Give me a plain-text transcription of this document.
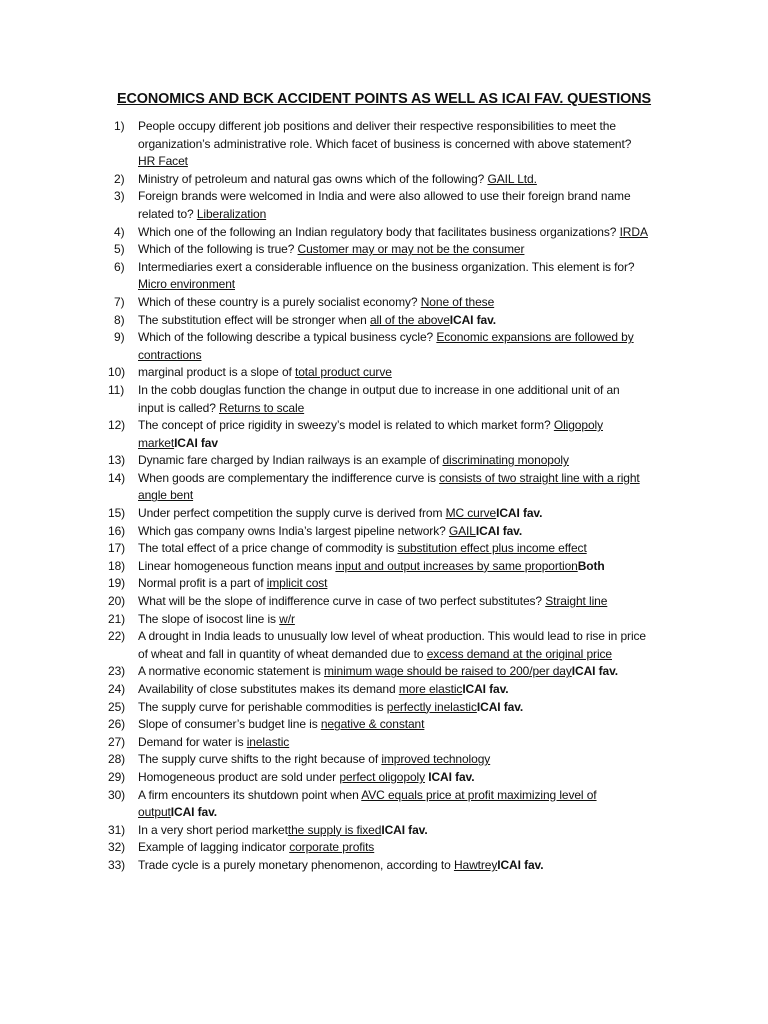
ECONOMICS AND BCK ACCIDENT POINTS AS WELL AS ICAI FAV. QUESTIONS
1)	People occupy different job positions and deliver their respective responsibilities to meet the organization’s administrative role. Which facet of business is concerned with above statement? HR Facet
2)	Ministry of petroleum and natural gas owns which of the following? GAIL Ltd.
3)	Foreign brands were welcomed in India and were also allowed to use their foreign brand name related to? Liberalization
4)	Which one of the following an Indian regulatory body that facilitates business organizations? IRDA
5)	Which of the following is true? Customer may or may not be the consumer
6)	Intermediaries exert a considerable influence on the business organization. This element is for? Micro environment
7)	Which of these country is a purely socialist economy? None of these
8)	The substitution effect will be stronger when all of the aboveICAI fav.
9)	Which of the following describe a typical business cycle? Economic expansions are followed by contractions
10) marginal product is a slope of total product curve
11)	In the cobb douglas function the change in output due to increase in one additional unit of an input is called? Returns to scale
12) The concept of price rigidity in sweezy’s model is related to which market form? Oligopoly marketICAI fav
13) Dynamic fare charged by Indian railways is an example of discriminating monopoly
14) When goods are complementary the indifference curve is consists of two straight line with a right angle bent
15) Under perfect competition the supply curve is derived from MC curveICAI fav.
16) Which gas company owns India’s largest pipeline network? GAILICAI fav.
17) The total effect of a price change of commodity is substitution effect plus income effect
18) Linear homogeneous function means input and output increases by same proportionBoth
19) Normal profit is a part of implicit cost
20) What will be the slope of indifference curve in case of two perfect substitutes? Straight line
21) The slope of isocost line is w/r
22) A drought in India leads to unusually low level of wheat production. This would lead to rise in price of wheat and fall in quantity of wheat demanded due to excess demand at the original price
23) A normative economic statement is minimum wage should be raised to 200/per dayICAI fav.
24) Availability of close substitutes makes its demand more elasticICAI fav.
25) The supply curve for perishable commodities is perfectly inelasticICAI fav.
26) Slope of consumer’s budget line is negative & constant
27) Demand for water is inelastic
28) The supply curve shifts to the right because of improved technology
29) Homogeneous product are sold under perfect oligopoly ICAI fav.
30) A firm encounters its shutdown point when AVC equals price at profit maximizing level of outputICAI fav.
31) In a very short period marketthe supply is fixedICAI fav.
32) Example of lagging indicator corporate profits
33) Trade cycle is a purely monetary phenomenon, according to HawtreyICAI fav.
